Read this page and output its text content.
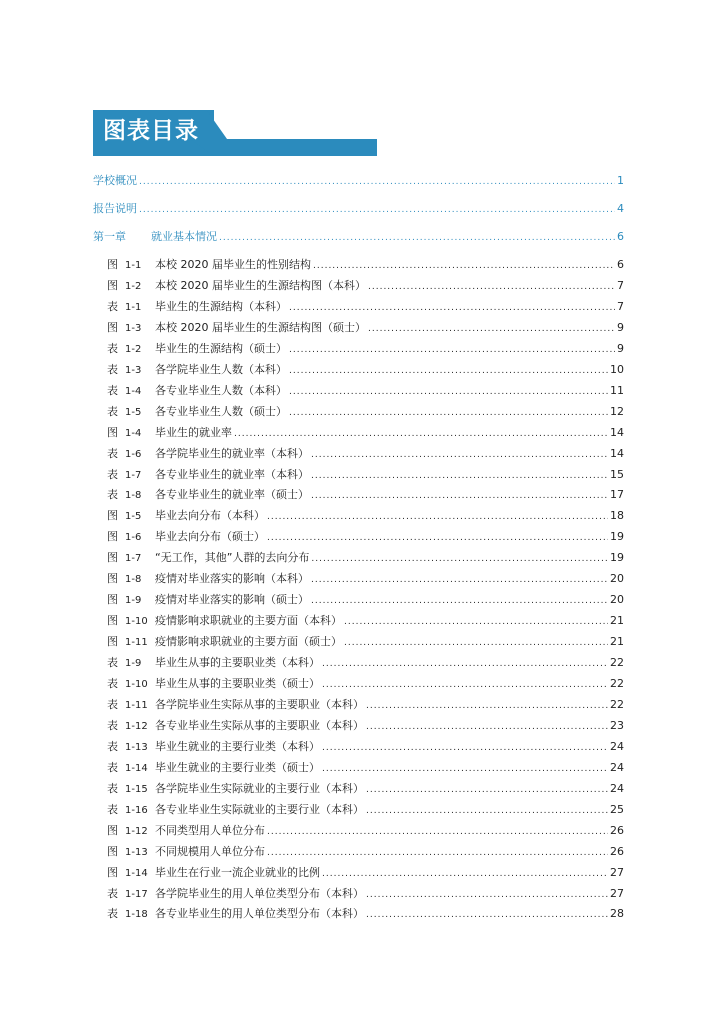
图表目录
学校概况 .....	1
报告说明 .....	4
第一章 就业基本情况 .....	6
图 1-1 本校 2020 届毕业生的性别结构 .....	6
图 1-2 本校 2020 届毕业生的生源结构图（本科） .....	7
表 1-1 毕业生的生源结构（本科） .....	7
图 1-3 本校 2020 届毕业生的生源结构图（硕士） .....	9
表 1-2 毕业生的生源结构（硕士） .....	9
表 1-3 各学院毕业生人数（本科） .....	10
表 1-4 各专业毕业生人数（本科） .....	11
表 1-5 各专业毕业生人数（硕士） .....	12
图 1-4 毕业生的就业率 .....	14
表 1-6 各学院毕业生的就业率（本科） .....	14
表 1-7 各专业毕业生的就业率（本科） .....	15
表 1-8 各专业毕业生的就业率（硕士） .....	17
图 1-5 毕业去向分布（本科） .....	18
图 1-6 毕业去向分布（硕士） .....	19
图 1-7 “无工作，其他”人群的去向分布 .....	19
图 1-8 疫情对毕业落实的影响（本科） .....	20
图 1-9 疫情对毕业落实的影响（硕士） .....	20
图 1-10 疫情影响求职就业的主要方面（本科） .....	21
图 1-11 疫情影响求职就业的主要方面（硕士） .....	21
表 1-9 毕业生从事的主要职业类（本科） .....	22
表 1-10 毕业生从事的主要职业类（硕士） .....	22
表 1-11 各学院毕业生实际从事的主要职业（本科） .....	22
表 1-12 各专业毕业生实际从事的主要职业（本科） .....	23
表 1-13 毕业生就业的主要行业类（本科） .....	24
表 1-14 毕业生就业的主要行业类（硕士） .....	24
表 1-15 各学院毕业生实际就业的主要行业（本科） .....	24
表 1-16 各专业毕业生实际就业的主要行业（本科） .....	25
图 1-12 不同类型用人单位分布 .....	26
图 1-13 不同规模用人单位分布 .....	26
图 1-14 毕业生在行业一流企业就业的比例 .....	27
表 1-17 各学院毕业生的用人单位类型分布（本科） .....	27
表 1-18 各专业毕业生的用人单位类型分布（本科） .....	28
